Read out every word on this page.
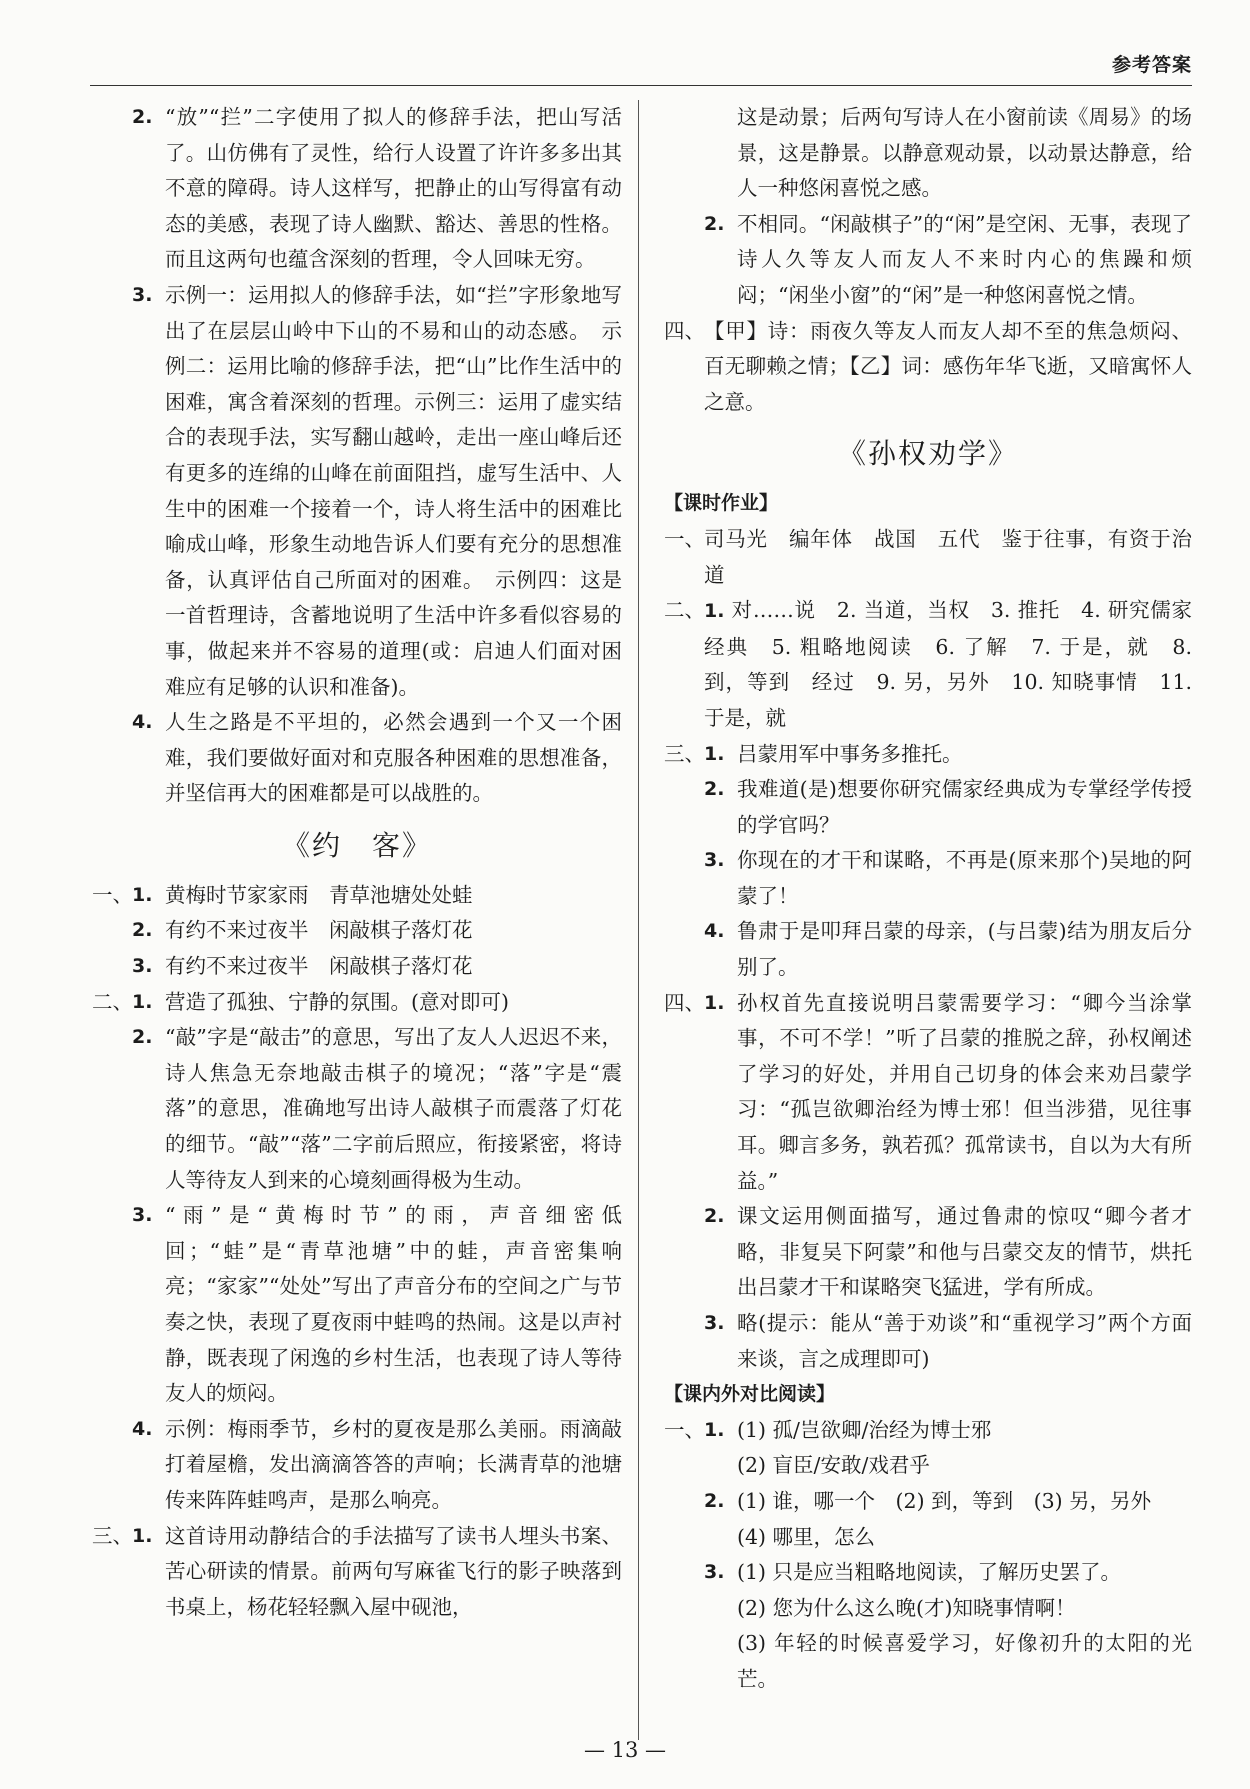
参考答案
2. “放”“拦”二字使用了拟人的修辞手法，把山写活了。山仿佛有了灵性，给行人设置了许许多多出其不意的障碍。诗人这样写，把静止的山写得富有动态的美感，表现了诗人幽默、豁达、善思的性格。而且这两句也蕴含深刻的哲理，令人回味无穷。
3. 示例一：运用拟人的修辞手法，如“拦”字形象地写出了在层层山岭中下山的不易和山的动态感。　示例二：运用比喻的修辞手法，把“山”比作生活中的困难，寓含着深刻的哲理。示例三：运用了虚实结合的表现手法，实写翻山越岭，走出一座山峰后还有更多的连绵的山峰在前面阻挡，虚写生活中、人生中的困难一个接着一个，诗人将生活中的困难比喻成山峰，形象生动地告诉人们要有充分的思想准备，认真评估自己所面对的困难。　示例四：这是一首哲理诗，含蓄地说明了生活中许多看似容易的事，做起来并不容易的道理(或：启迪人们面对困难应有足够的认识和准备)。
4. 人生之路是不平坦的，必然会遇到一个又一个困难，我们要做好面对和克服各种困难的思想准备，并坚信再大的困难都是可以战胜的。
《约　客》
一、 1. 黄梅时节家家雨　青草池塘处处蛙
2. 有约不来过夜半　闲敲棋子落灯花
3. 有约不来过夜半　闲敲棋子落灯花
二、 1. 营造了孤独、宁静的氛围。(意对即可)
2. “敲”字是“敲击”的意思，写出了友人人迟迟不来，诗人焦急无奈地敲击棋子的境况；“落”字是“震落”的意思，准确地写出诗人敲棋子而震落了灯花的细节。“敲”“落”二字前后照应，衔接紧密，将诗人等待友人到来的心境刻画得极为生动。
3. “雨”是“黄梅时节”的雨，声音细密低回；“蛙”是“青草池塘”中的蛙，声音密集响亮；“家家”“处处”写出了声音分布的空间之广与节奏之快，表现了夏夜雨中蛙鸣的热闹。这是以声衬静，既表现了闲逸的乡村生活，也表现了诗人等待友人的烦闷。
4. 示例：梅雨季节，乡村的夏夜是那么美丽。雨滴敲打着屋檐，发出滴滴答答的声响；长满青草的池塘传来阵阵蛙鸣声，是那么响亮。
三、 1. 这首诗用动静结合的手法描写了读书人埋头书案、苦心研读的情景。前两句写麻雀飞行的影子映落到书桌上，杨花轻轻飘入屋中砚池，
这是动景；后两句写诗人在小窗前读《周易》的场景，这是静景。以静意观动景，以动景达静意，给人一种悠闲喜悦之感。
2. 不相同。“闲敲棋子”的“闲”是空闲、无事，表现了诗人久等友人而友人不来时内心的焦躁和烦闷；“闲坐小窗”的“闲”是一种悠闲喜悦之情。
四、 【甲】诗：雨夜久等友人而友人却不至的焦急烦闷、百无聊赖之情；【乙】词：感伤年华飞逝，又暗寓怀人之意。
《孙权劝学》
【课时作业】
一、 司马光　编年体　战国　五代　鉴于往事，有资于治道
二、 1. 对……说　2. 当道，当权　3. 推托　4. 研究儒家经典　5. 粗略地阅读　6. 了解　7. 于是，就　8. 到，等到　经过　9. 另，另外　10. 知晓事情　11. 于是，就
三、 1. 吕蒙用军中事务多推托。
2. 我难道(是)想要你研究儒家经典成为专掌经学传授的学官吗？
3. 你现在的才干和谋略，不再是(原来那个)吴地的阿蒙了！
4. 鲁肃于是叩拜吕蒙的母亲，(与吕蒙)结为朋友后分别了。
四、 1. 孙权首先直接说明吕蒙需要学习：“卿今当涂掌事，不可不学！”听了吕蒙的推脱之辞，孙权阐述了学习的好处，并用自己切身的体会来劝吕蒙学习：“孤岂欲卿治经为博士邪！但当涉猎，见往事耳。卿言多务，孰若孤？孤常读书，自以为大有所益。”
2. 课文运用侧面描写，通过鲁肃的惊叹“卿今者才略，非复吴下阿蒙”和他与吕蒙交友的情节，烘托出吕蒙才干和谋略突飞猛进，学有所成。
3. 略(提示：能从“善于劝谈”和“重视学习”两个方面来谈，言之成理即可)
【课内外对比阅读】
一、 1. (1) 孤/岂欲卿/治经为博士邪
(2) 盲臣/安敢/戏君乎
2. (1) 谁，哪一个　(2) 到，等到　(3) 另，另外
(4) 哪里，怎么
3. (1) 只是应当粗略地阅读，了解历史罢了。
(2) 您为什么这么晚(才)知晓事情啊！
(3) 年轻的时候喜爱学习，好像初升的太阳的光芒。
— 13 —
